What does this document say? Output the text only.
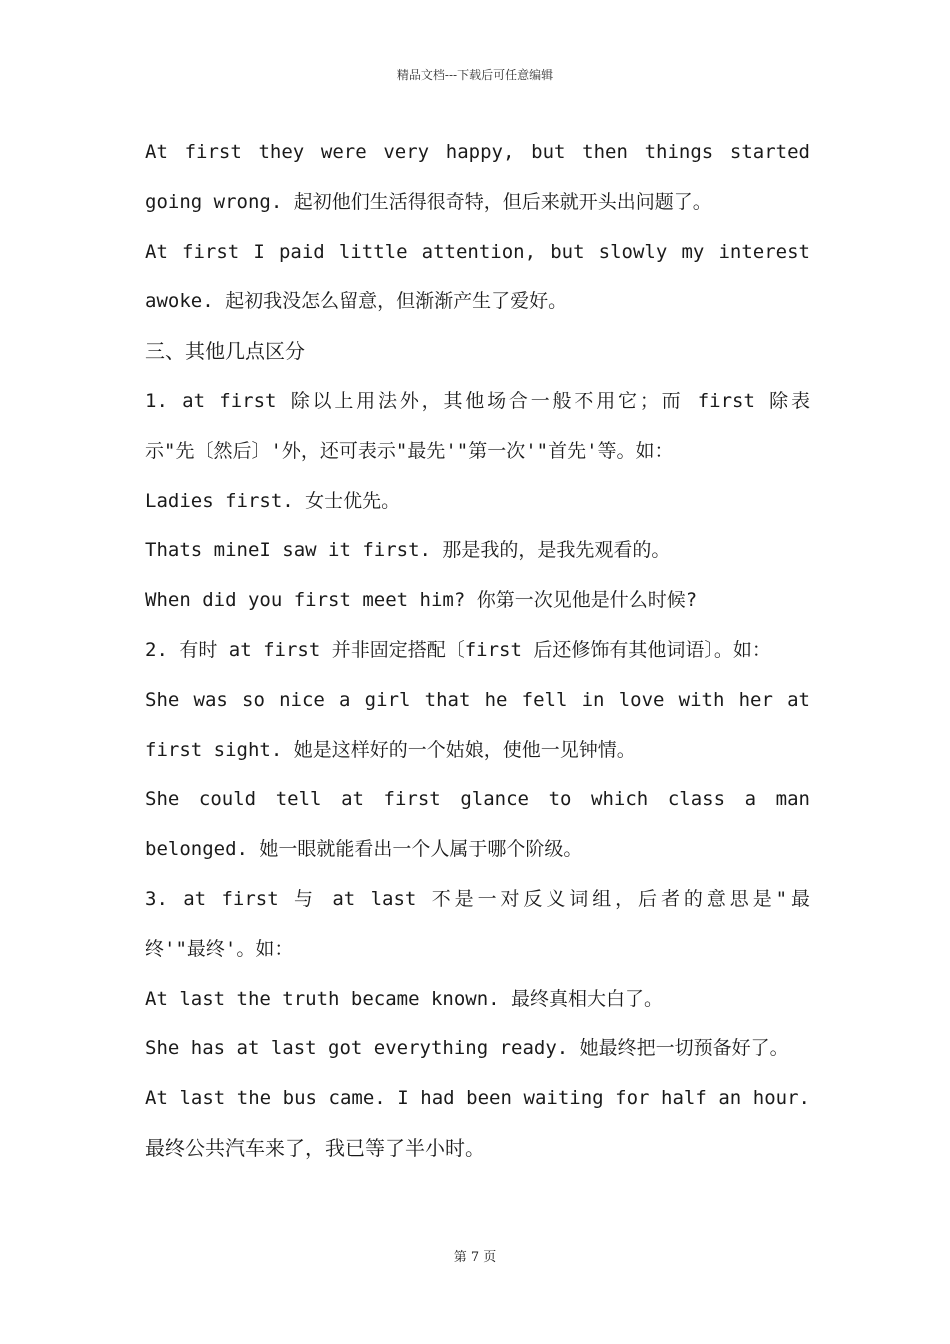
精品文档---下载后可任意编辑
At first they were very happy, but then things started
going wrong. 起初他们生活得很奇特，但后来就开头出问题了。
At first I paid little attention, but slowly my interest
awoke. 起初我没怎么留意，但渐渐产生了爱好。
三、其他几点区分
1. at first 除以上用法外，其他场合一般不用它；而 first 除表
示"先〔然后〕'外，还可表示"最先'"第一次'"首先'等。如：
Ladies first. 女士优先。
Thats mineI saw it first. 那是我的，是我先观看的。
When did you first meet him? 你第一次见他是什么时候?
2. 有时 at first 并非固定搭配〔first 后还修饰有其他词语〕。如：
She was so nice a girl that he fell in love with her at
first sight. 她是这样好的一个姑娘，使他一见钟情。
She could tell at first glance to which class a man
belonged. 她一眼就能看出一个人属于哪个阶级。
3. at first 与 at last 不是一对反义词组，后者的意思是"最
终'"最终'。如：
At last the truth became known. 最终真相大白了。
She has at last got everything ready. 她最终把一切预备好了。
At last the bus came. I had been waiting for half an hour.
最终公共汽车来了，我已等了半小时。
第 7 页
